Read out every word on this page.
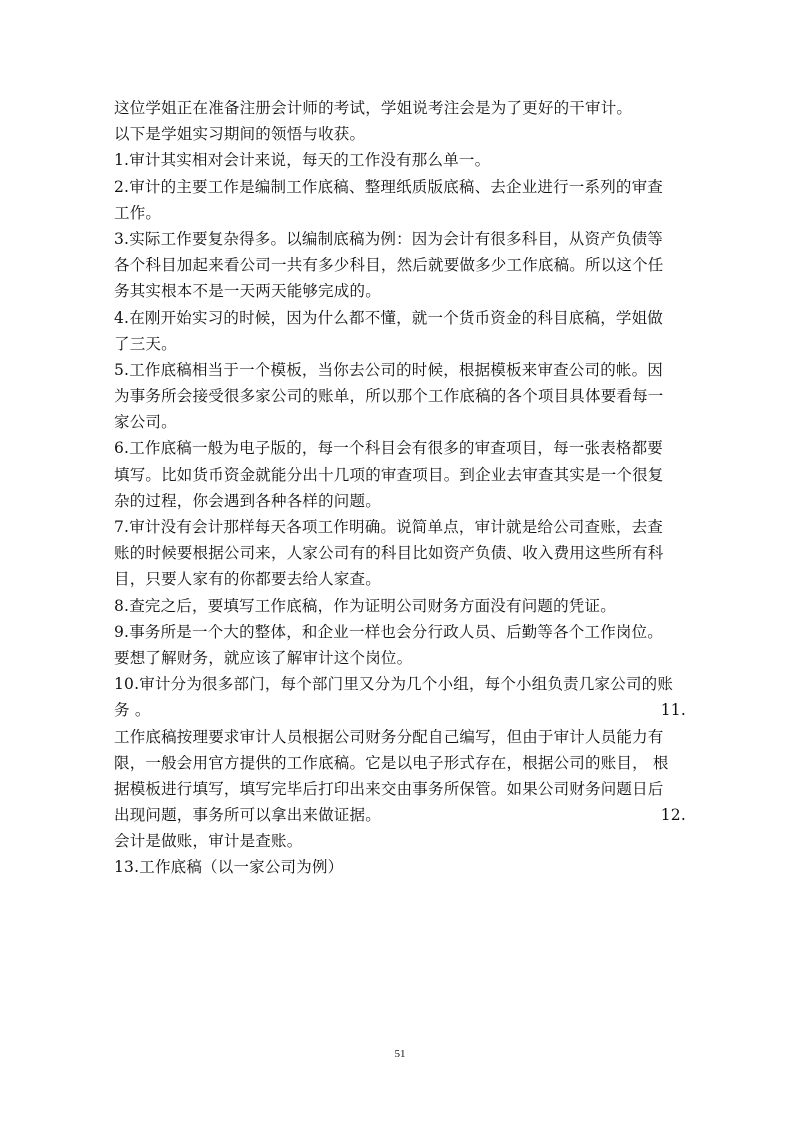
这位学姐正在准备注册会计师的考试，学姐说考注会是为了更好的干审计。
以下是学姐实习期间的领悟与收获。
1.审计其实相对会计来说，每天的工作没有那么单一。
2.审计的主要工作是编制工作底稿、整理纸质版底稿、去企业进行一系列的审查
工作。
3.实际工作要复杂得多。以编制底稿为例：因为会计有很多科目，从资产负债等
各个科目加起来看公司一共有多少科目，然后就要做多少工作底稿。所以这个任
务其实根本不是一天两天能够完成的。
4.在刚开始实习的时候，因为什么都不懂，就一个货币资金的科目底稿，学姐做
了三天。
5.工作底稿相当于一个模板，当你去公司的时候，根据模板来审查公司的帐。因
为事务所会接受很多家公司的账单，所以那个工作底稿的各个项目具体要看每一
家公司。
6.工作底稿一般为电子版的，每一个科目会有很多的审查项目，每一张表格都要
填写。比如货币资金就能分出十几项的审查项目。到企业去审查其实是一个很复
杂的过程，你会遇到各种各样的问题。
7.审计没有会计那样每天各项工作明确。说简单点，审计就是给公司查账，去查
账的时候要根据公司来，人家公司有的科目比如资产负债、收入费用这些所有科
目，只要人家有的你都要去给人家查。
8.查完之后，要填写工作底稿，作为证明公司财务方面没有问题的凭证。
9.事务所是一个大的整体，和企业一样也会分行政人员、后勤等各个工作岗位。
要想了解财务，就应该了解审计这个岗位。
10.审计分为很多部门，每个部门里又分为几个小组，每个小组负责几家公司的账
务 。	11.
工作底稿按理要求审计人员根据公司财务分配自己编写，但由于审计人员能力有
限，一般会用官方提供的工作底稿。它是以电子形式存在，根据公司的账目， 根
据模板进行填写，填写完毕后打印出来交由事务所保管。如果公司财务问题日后
出现问题，事务所可以拿出来做证据。	12.
会计是做账，审计是查账。
13.工作底稿（以一家公司为例）
51
